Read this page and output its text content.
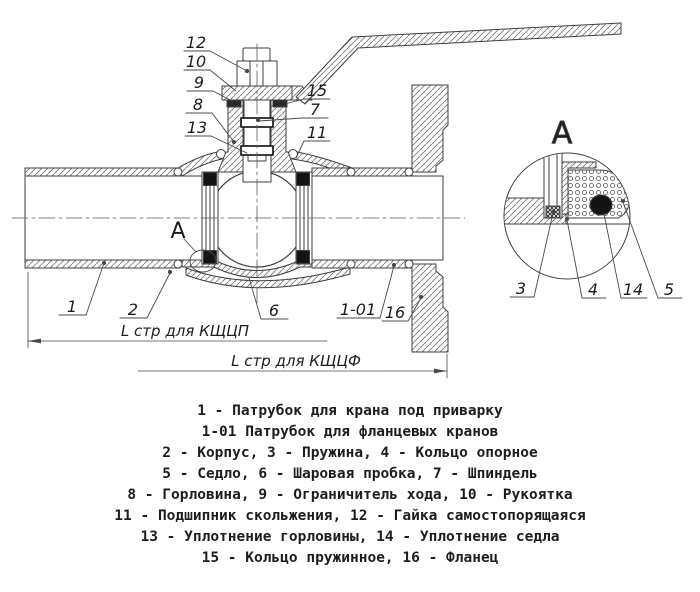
A
12
10
9
8
13
15
7
11
1	2	6	1-01 16
3	4 14 5
A
L стр для КЩЦП
L стр для КЩЦФ
1 - Патрубок для крана под приварку
1-01 Патрубок для фланцевых кранов
2 - Корпус, 3 - Пружина, 4 - Кольцо опорное
5 - Седло, 6 - Шаровая пробка, 7 - Шпиндель
8 - Горловина, 9 - Ограничитель хода, 10 - Рукоятка
11 - Подшипник скольжения, 12 - Гайка самостопорящаяся
13 - Уплотнение горловины, 14 - Уплотнение седла
15 - Кольцо пружинное, 16 - Фланец
